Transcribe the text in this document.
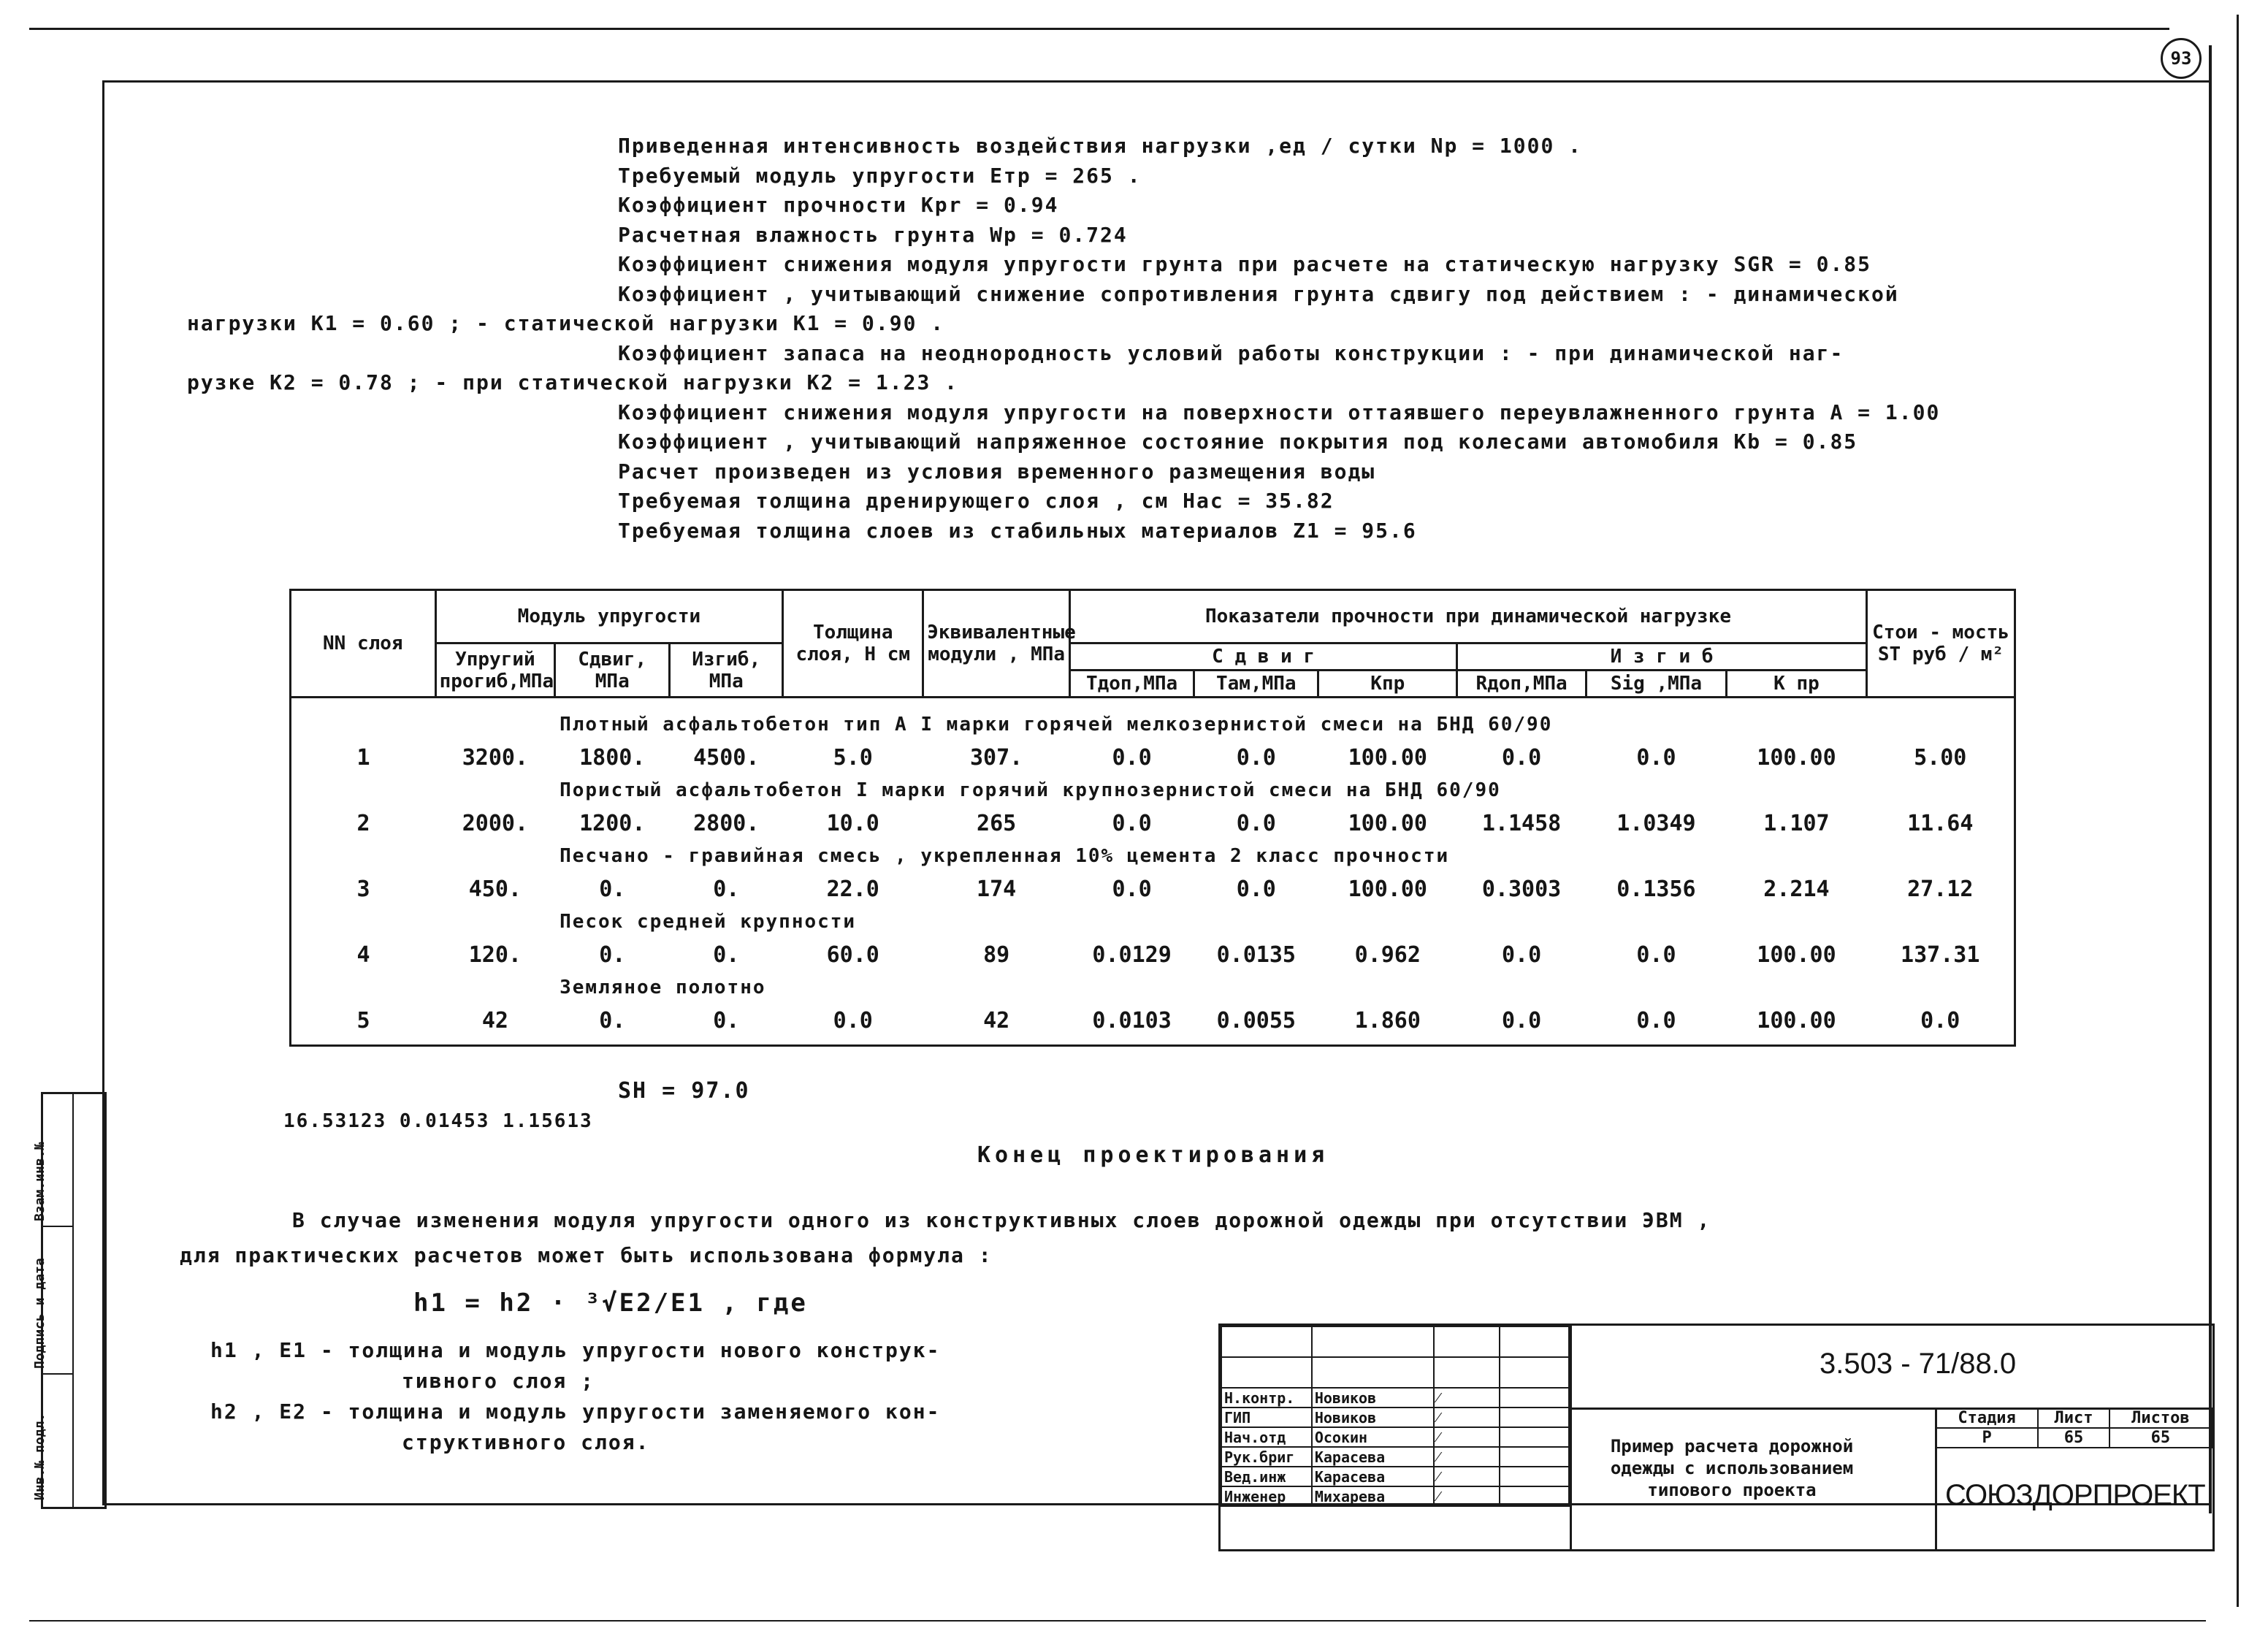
93
Приведенная интенсивность воздействия нагрузки ,ед / сутки Np = 1000 .
Требуемый модуль упругости Етр = 265 .
Коэффициент прочности Kpr = 0.94
Расчетная влажность грунта Wp = 0.724
Коэффициент снижения модуля упругости грунта при расчете на статическую нагрузку SGR = 0.85
Коэффициент , учитывающий снижение сопротивления грунта сдвигу под действием : - динамической
нагрузки K1 = 0.60 ; - статической нагрузки K1 = 0.90 .
Коэффициент запаса на неоднородность условий работы конструкции : - при динамической наг-
рузке K2 = 0.78 ; - при статической нагрузки K2 = 1.23 .
Коэффициент снижения модуля упругости на поверхности оттаявшего переувлажненного грунта A = 1.00
Коэффициент , учитывающий напряженное состояние покрытия под колесами автомобиля Kb = 0.85
Расчет произведен из условия временного размещения воды
Требуемая толщина дренирующего слоя , см Hac = 35.82
Требуемая толщина слоев из стабильных материалов Z1 = 95.6
NN слоя	Модуль упругости			Толщина слоя, H см	Эквивалентные модули , МПа	Показатели прочности при динамической нагрузке						Стои - мость ST руб / м²
	Упругий прогиб,МПа	Сдвиг, МПа	Изгиб, МПа			С д в и г			И з г и б			
						Tдоп,МПа	Tам,МПа	Kпр	Rдоп,МПа	Sig ,МПа	K пр	
	Плотный асфальтобетон тип А I марки горячей мелкозернистой смеси на БНД 60/90											
1	3200.	1800.	4500.	5.0	307.	0.0	0.0	100.00	0.0	0.0	100.00	5.00
	Пористый асфальтобетон I марки горячий крупнозернистой смеси на БНД 60/90											
2	2000.	1200.	2800.	10.0	265	0.0	0.0	100.00	1.1458	1.0349	1.107	11.64
	Песчано - гравийная смесь , укрепленная 10% цемента 2 класс прочности											
3	450.	0.	0.	22.0	174	0.0	0.0	100.00	0.3003	0.1356	2.214	27.12
	Песок средней крупности											
4	120.	0.	0.	60.0	89	0.0129	0.0135	0.962	0.0	0.0	100.00	137.31
	Земляное полотно											
5	42	0.	0.	0.0	42	0.0103	0.0055	1.860	0.0	0.0	100.00	0.0
SH = 97.0
16.53123 0.01453 1.15613
Конец проектирования
В случае изменения модуля упругости одного из конструктивных слоев дорожной одежды при отсутствии ЭВМ ,
для практических расчетов может быть использована формула :
h1 = h2 · ³√E2/E1 , где
h1 , E1 - толщина и модуль упругости нового конструк-
тивного слоя ;
h2 , E2 - толщина и модуль упругости заменяемого кон-
структивного слоя.
Взам.инв.№
Подпись и дата
Инв.№ подл.

Н.контр.	Новиков	⁄	
ГИП	Новиков	⁄	
Нач.отд	Осокин	⁄	
Рук.бриг	Карасева	⁄	
Вед.инж	Карасева	⁄	
Инженер	Михарева	⁄	
3.503 - 71/88.0
Пример расчета дорожной одежды с использованием типового проекта
Стадия	Лист	Листов
Р	65	65
СОЮЗДОРПРОЕКТ
